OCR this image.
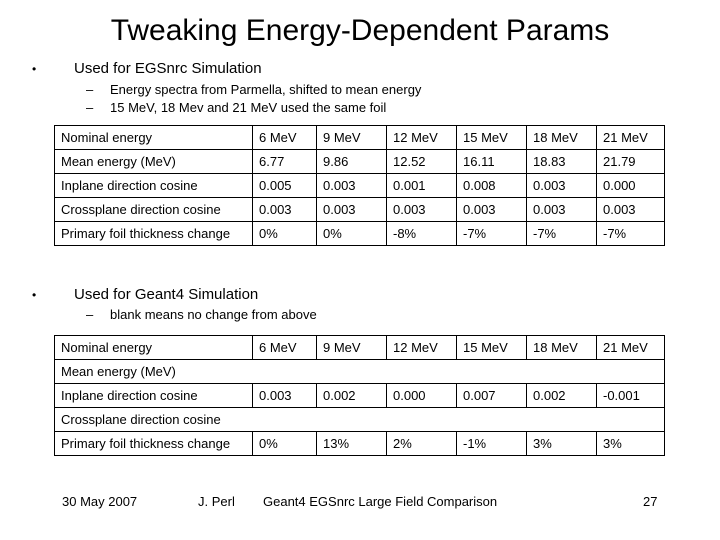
Tweaking Energy-Dependent Params
•	Used for EGSnrc Simulation
– Energy spectra from Parmella, shifted to mean energy
– 15 MeV, 18 Mev and 21 MeV used the same foil
Nominal energy	6 MeV	9 MeV	12 MeV	15 MeV	18 MeV	21 MeV
Mean energy (MeV)	6.77	9.86	12.52	16.11	18.83	21.79
Inplane direction cosine	0.005	0.003	0.001	0.008	0.003	0.000
Crossplane direction cosine	0.003	0.003	0.003	0.003	0.003	0.003
Primary foil thickness change	0%	0%	-8%	-7%	-7%	-7%
•	Used for Geant4 Simulation
– blank means no change from above
Nominal energy	6 MeV	9 MeV	12 MeV	15 MeV	18 MeV	21 MeV
Mean energy (MeV)						
Inplane direction cosine	0.003	0.002	0.000	0.007	0.002	-0.001
Crossplane direction cosine						
Primary foil thickness change	0%	13%	2%	-1%	3%	3%
30 May 2007	J. Perl Geant4 EGSnrc Large Field Comparison	27
